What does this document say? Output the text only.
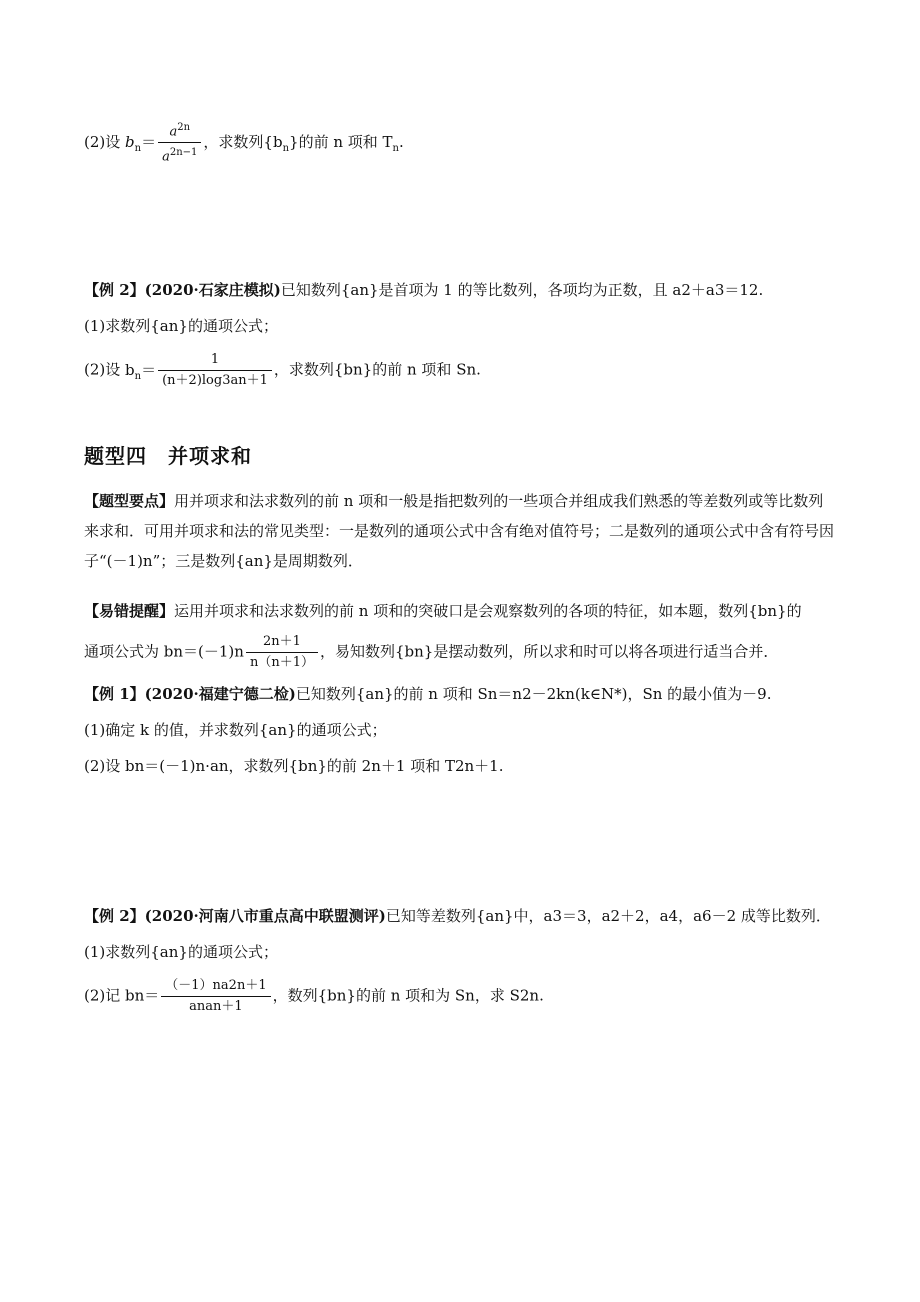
(2)设 $b_n= \frac{a^{2n}}{a^{2n-1}}$ ，求数列$\{b_n\}$的前 n 项和 $T_n$.
【例 2】(2020·石家庄模拟)已知数列{an}是首项为 1 的等比数列，各项均为正数，且 a2＋a3＝12.
(1)求数列{an}的通项公式；
(2)设 $b_n= \frac{1}{(n+2)\log 3an+1}$ ，求数列{bn}的前 n 项和 Sn.
题型四　并项求和
【题型要点】用并项求和法求数列的前 n 项和一般是指把数列的一些项合并组成我们熟悉的等差数列或等比数列来求和．可用并项求和法的常见类型：一是数列的通项公式中含有绝对值符号；二是数列的通项公式中含有符号因子“(－1)n”；三是数列{an}是周期数列．
【易错提醒】运用并项求和法求数列的前 n 项和的突破口是会观察数列的各项的特征，如本题，数列{bn}的
通项公式为 $bn=(-1)n \frac{2n+1}{n(n+1)}$ ，易知数列{bn}是摆动数列，所以求和时可以将各项进行适当合并．
【例 1】(2020·福建宁德二检)已知数列{an}的前 n 项和 Sn＝n2－2kn(k∈N*)，Sn 的最小值为－9.
(1)确定 k 的值，并求数列{an}的通项公式；
(2)设 bn＝(－1)n·an，求数列{bn}的前 2n＋1 项和 T2n＋1.
【例 2】(2020·河南八市重点高中联盟测评)已知等差数列{an}中，a3＝3，a2＋2，a4，a6－2 成等比数列．
(1)求数列{an}的通项公式；
(2)记 $bn= \frac{(-1)na2n+1}{\text{anan＋1}}$ ，数列{bn}的前 n 项和为 Sn，求 S2n.
